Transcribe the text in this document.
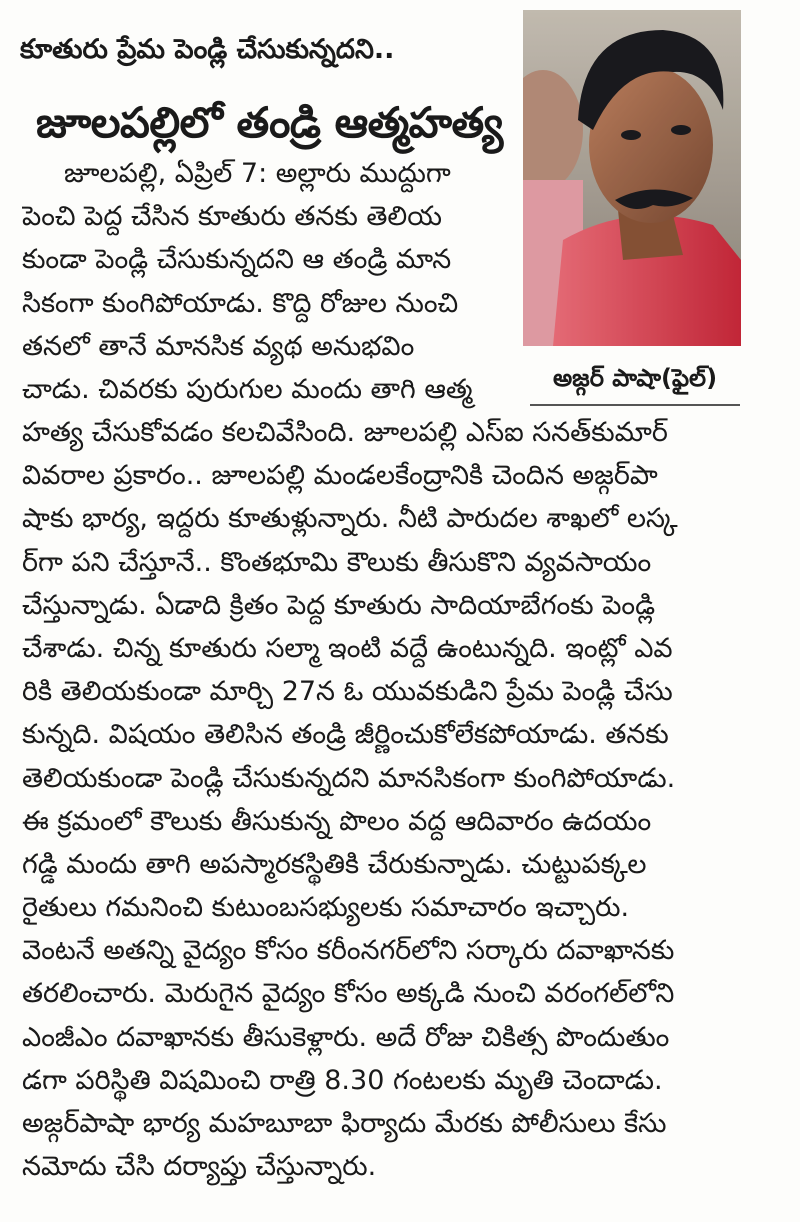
కూతురు ప్రేమ పెండ్లి చేసుకున్నదని..
జూలపల్లిలో తండ్రి ఆత్మహత్య
అజ్గర్ పాషా(ఫైల్)
జూలపల్లి, ఏప్రిల్ 7: అల్లారు ముద్దుగా
పెంచి పెద్ద చేసిన కూతురు తనకు తెలియ
కుండా పెండ్లి చేసుకున్నదని ఆ తండ్రి మాన
సికంగా కుంగిపోయాడు. కొద్ది రోజుల నుంచి
తనలో తానే మానసిక వ్యథ అనుభవిం
చాడు. చివరకు పురుగుల మందు తాగి ఆత్మ
హత్య చేసుకోవడం కలచివేసింది. జూలపల్లి ఎస్ఐ సనత్‌కుమార్
వివరాల ప్రకారం.. జూలపల్లి మండలకేంద్రానికి చెందిన అజ్గర్‌పా
షాకు భార్య, ఇద్దరు కూతుళ్లున్నారు. నీటి పారుదల శాఖలో లస్క
ర్‌గా పని చేస్తూనే.. కొంతభూమి కౌలుకు తీసుకొని వ్యవసాయం
చేస్తున్నాడు. ఏడాది క్రితం పెద్ద కూతురు సాదియాబేగంకు పెండ్లి
చేశాడు. చిన్న కూతురు సల్మా ఇంటి వద్దే ఉంటున్నది. ఇంట్లో ఎవ
రికి తెలియకుండా మార్చి 27న ఓ యువకుడిని ప్రేమ పెండ్లి చేసు
కున్నది. విషయం తెలిసిన తండ్రి జీర్ణించుకోలేకపోయాడు. తనకు
తెలియకుండా పెండ్లి చేసుకున్నదని మానసికంగా కుంగిపోయాడు.
ఈ క్రమంలో కౌలుకు తీసుకున్న పొలం వద్ద ఆదివారం ఉదయం
గడ్డి మందు తాగి అపస్మారకస్థితికి చేరుకున్నాడు. చుట్టుపక్కల
రైతులు గమనించి కుటుంబసభ్యులకు సమాచారం ఇచ్చారు.
వెంటనే అతన్ని వైద్యం కోసం కరీంనగర్‌లోని సర్కారు దవాఖానకు
తరలించారు. మెరుగైన వైద్యం కోసం అక్కడి నుంచి వరంగల్‌లోని
ఎంజీఎం దవాఖానకు తీసుకెళ్లారు. అదే రోజు చికిత్స పొందుతుం
డగా పరిస్థితి విషమించి రాత్రి 8.30 గంటలకు మృతి చెందాడు.
అజ్గర్‌పాషా భార్య మహబూబా ఫిర్యాదు మేరకు పోలీసులు కేసు
నమోదు చేసి దర్యాప్తు చేస్తున్నారు.
